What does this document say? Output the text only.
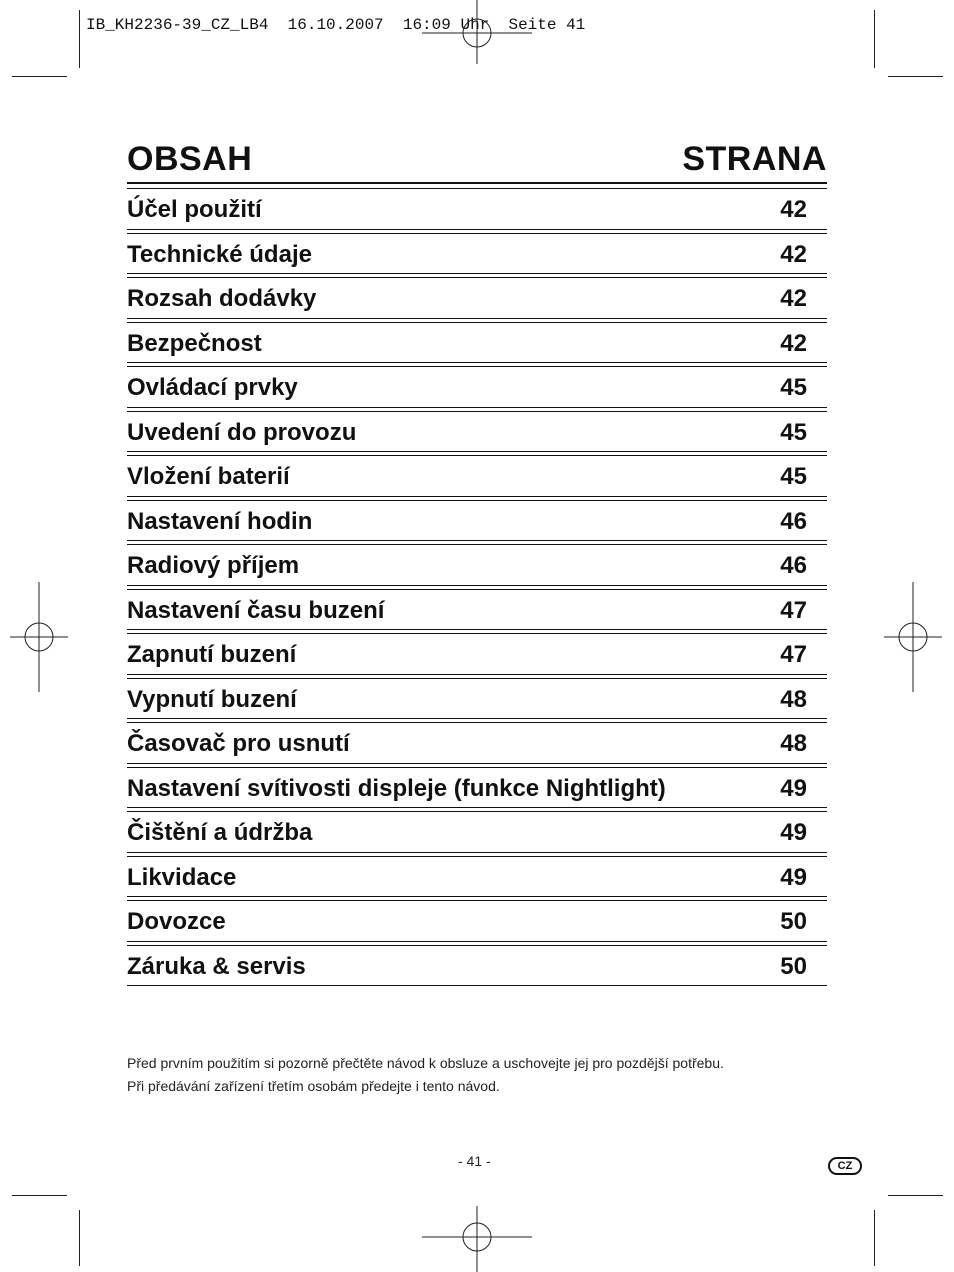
IB_KH2236-39_CZ_LB4  16.10.2007  16:09 Uhr  Seite 41
OBSAH	STRANA
Účel použití	42
Technické údaje	42
Rozsah dodávky	42
Bezpečnost	42
Ovládací prvky	45
Uvedení do provozu	45
Vložení baterií	45
Nastavení hodin	46
Radiový příjem	46
Nastavení času buzení	47
Zapnutí buzení	47
Vypnutí buzení	48
Časovač pro usnutí	48
Nastavení svítivosti displeje (funkce Nightlight)	49
Čištění a údržba	49
Likvidace	49
Dovozce	50
Záruka & servis	50
Před prvním použitím si pozorně přečtěte návod k obsluze a uschovejte jej pro pozdější potřebu.
Při předávání zařízení třetím osobám předejte i tento návod.
- 41 -	CZ
